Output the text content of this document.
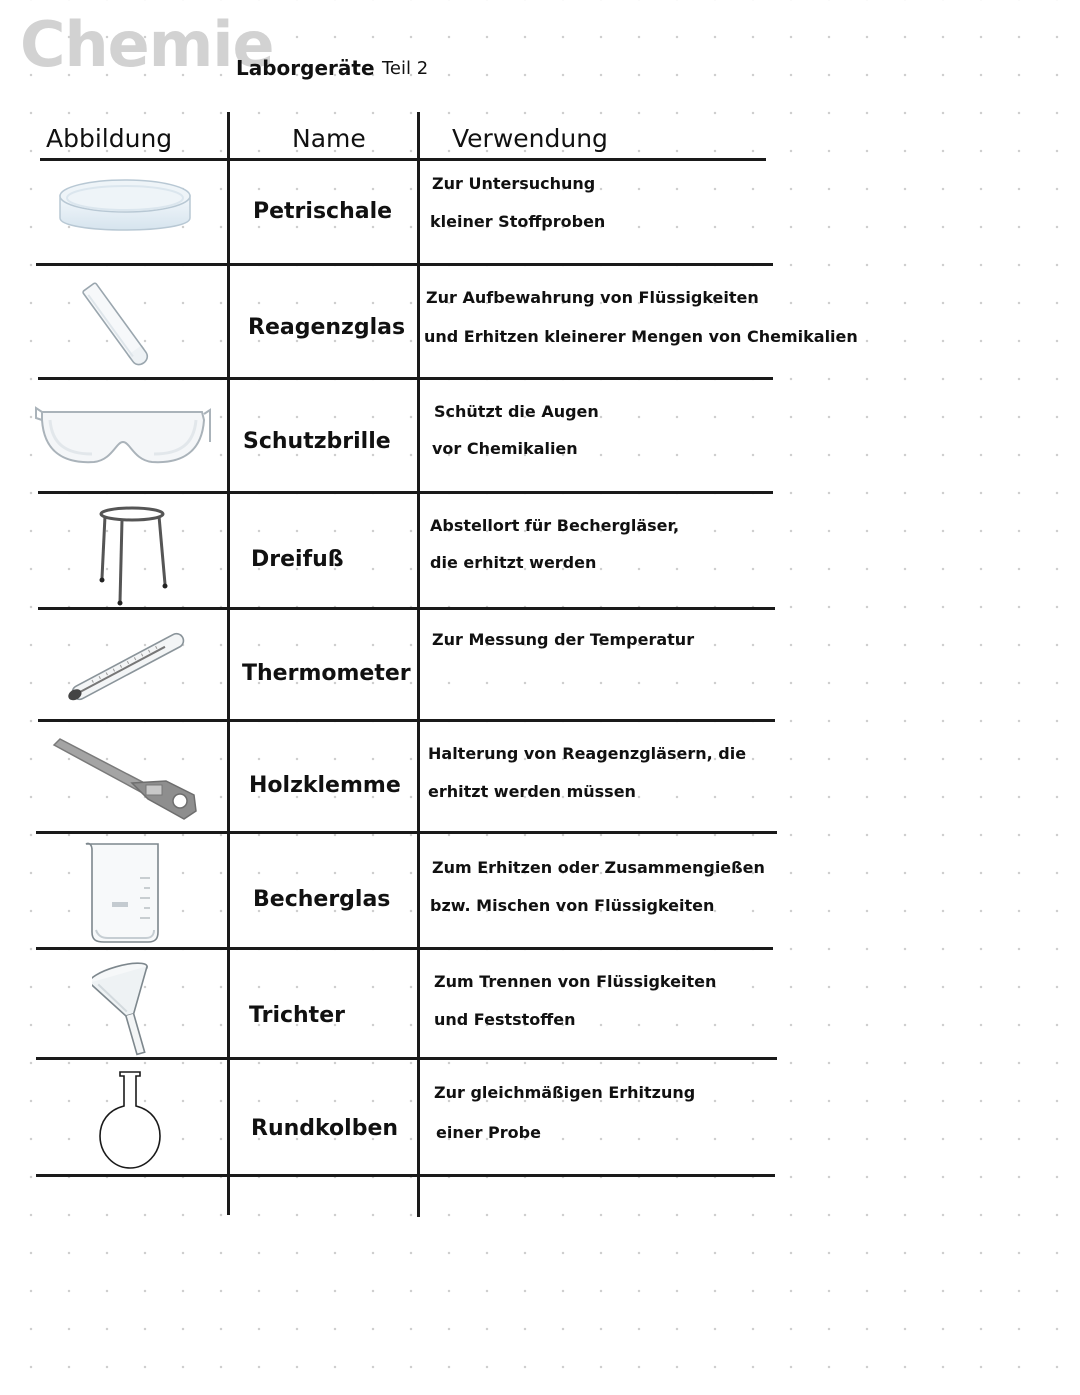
Chemie
Laborgeräte Teil 2
Abbildung	Name	Verwendung
Petrischale
Zur Untersuchung
kleiner Stoffproben
Reagenzglas
Zur Aufbewahrung von Flüssigkeiten
und Erhitzen kleinerer Mengen von Chemikalien
Schutzbrille
Schützt die Augen
vor Chemikalien
Dreifuß
Abstellort für Bechergläser,
die erhitzt werden
Thermometer
Zur Messung der Temperatur
Holzklemme
Halterung von Reagenzgläsern, die
erhitzt werden müssen
Becherglas
Zum Erhitzen oder Zusammengießen
bzw. Mischen von Flüssigkeiten
Trichter
Zum Trennen von Flüssigkeiten
und Feststoffen
Rundkolben
Zur gleichmäßigen Erhitzung
einer Probe
